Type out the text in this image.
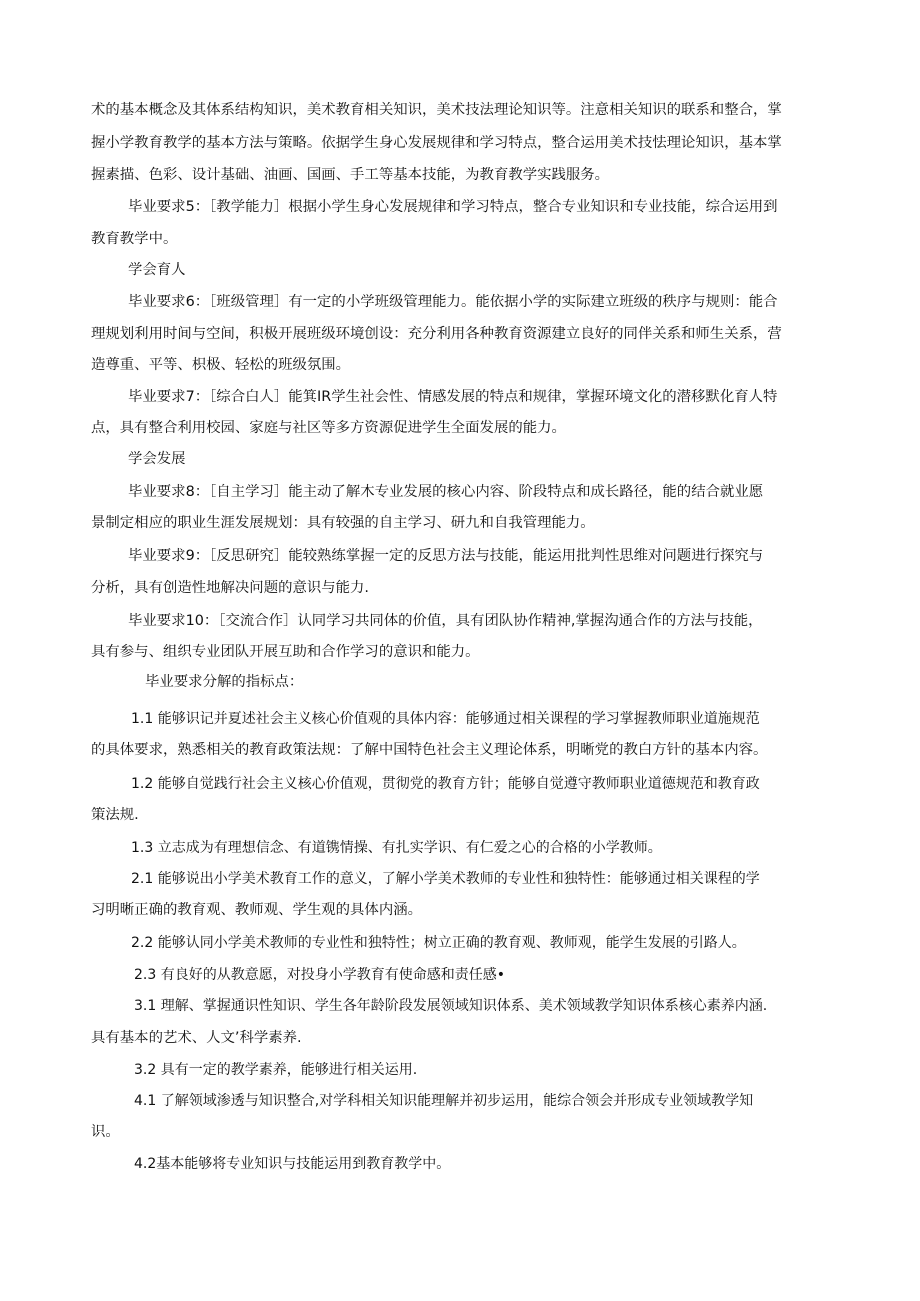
术的基本概念及其体系结构知识，美术教育相关知识，美术技法理论知识等。注意相关知识的联系和整合，掌
握小学教育教学的基本方法与策略。依据学生身心发展规律和学习特点，整合运用美术技怯理论知识，基本掌
握素描、色彩、设计基础、油画、国画、手工等基本技能，为教育教学实践服务。
毕业要求5：［教学能力］根据小学生身心发展规律和学习特点，整合专业知识和专业技能，综合运用到
教育教学中。
学会育人
毕业要求6：［班级管理］有一定的小学班级管理能力。能依据小学的实际建立班级的秩序与规则：能合
理规划利用时间与空间，积极开展班级环境创设：充分利用各种教育资源建立良好的同伴关系和师生关系，营
造尊重、平等、枳极、轻松的班级氛围。
毕业要求7：［综合白人］能箕IR学生社会性、情感发展的特点和规律，掌握环境文化的潜移默化育人特
点，具有整合利用校园、家庭与社区等多方资源促进学生全面发展的能力。
学会发展
毕业要求8：［自主学习］能主动了解木专业发展的核心内容、阶段特点和成长路径，能的结合就业愿
景制定相应的职业生涯发展规划：具有较强的自主学习、研九和自我管理能力。
毕业要求9：［反思研究］能较熟练掌握一定的反思方法与技能，能运用批判性思维对问题进行探究与
分析，具有创造性地解决问题的意识与能力.
毕业要求10：［交流合作］认同学习共同体的价值，具有团队协作精神,掌握沟通合作的方法与技能，
具有参与、组织专业团队开展互助和合作学习的意识和能力。
毕业要求分解的指标点：
1.1 能够识记并夏述社会主义核心价值观的具体内容：能够通过相关课程的学习掌握教师职业道施规范
的具体要求，熟悉相关的教育政策法规：了解中国特色社会主义理论体系，明晰党的教白方针的基本内容。
1.2 能够自觉践行社会主义核心价值观，贯彻党的教育方针；能够自觉遵守教师职业道德规范和教育政
策法规.
1.3 立志成为有理想信念、有道镌情操、有扎实学识、有仁爱之心的合格的小学教师。
2.1 能够说出小学美术教育工作的意义，了解小学美术教师的专业性和独特性：能够通过相关课程的学
习明晰正确的教育观、教师观、学生观的具体内涵。
2.2 能够认同小学美术教师的专业性和独特性；树立正确的教育观、教师观，能学生发展的引路人。
2.3 有良好的从教意愿，对投身小学教育有使命感和责任感•
3.1 理解、掌握通识性知识、学生各年龄阶段发展领域知识体系、美术领域教学知识体系核心素养内涵.
具有基本的艺术、人文’科学素养.
3.2 具有一定的教学素养，能够进行相关运用.
4.1 了解领域渗透与知识整合,对学科相关知识能理解并初步运用，能综合领会并形成专业领域教学知
识。
4.2基本能够将专业知识与技能运用到教育教学中。
